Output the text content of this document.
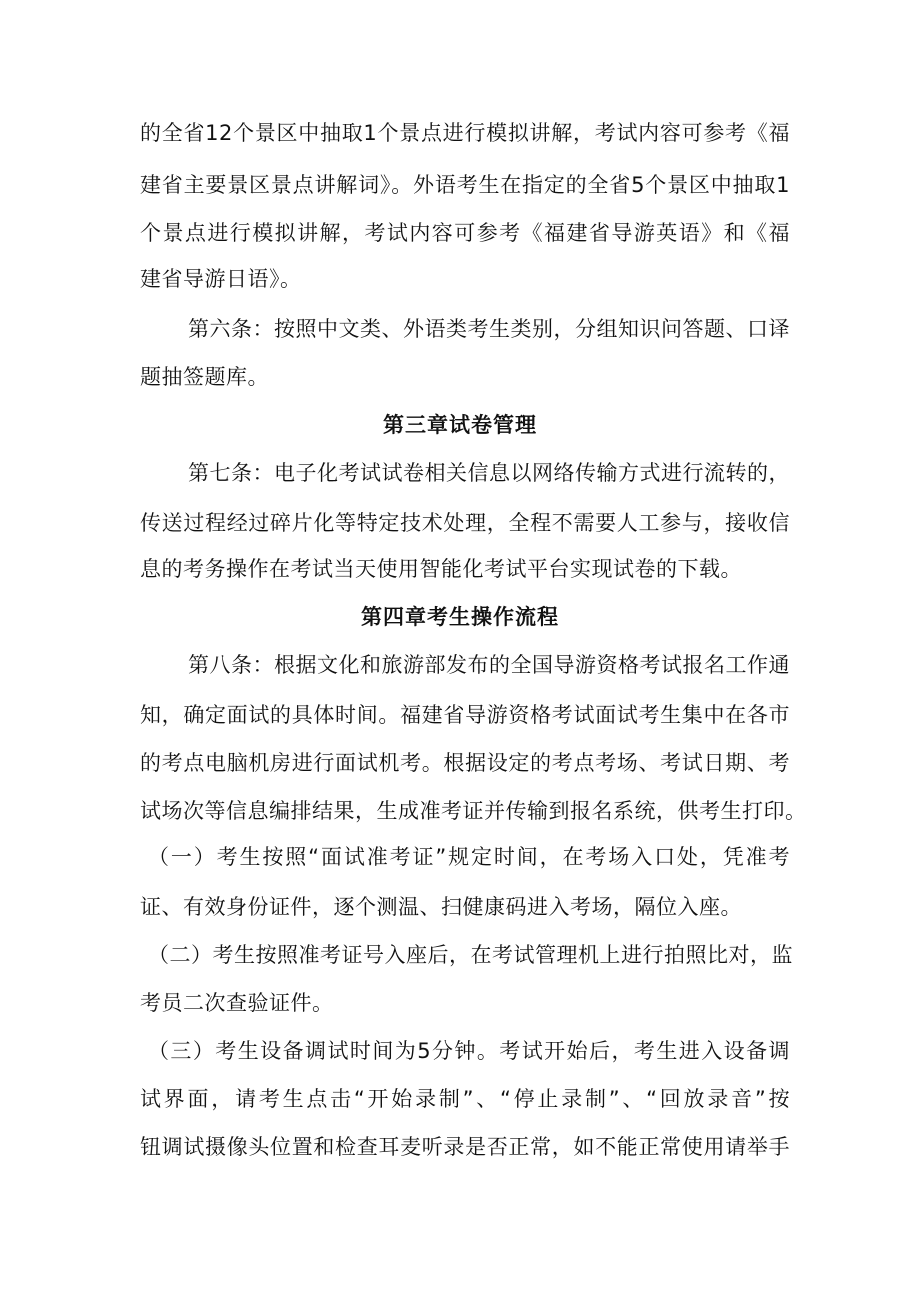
的全省12个景区中抽取1个景点进行模拟讲解，考试内容可参考《福
建省主要景区景点讲解词》。外语考生在指定的全省5个景区中抽取1
个景点进行模拟讲解，考试内容可参考《福建省导游英语》和《福
建省导游日语》。
第六条：按照中文类、外语类考生类别，分组知识问答题、口译
题抽签题库。
第三章试卷管理
第七条：电子化考试试卷相关信息以网络传输方式进行流转的，
传送过程经过碎片化等特定技术处理，全程不需要人工参与，接收信
息的考务操作在考试当天使用智能化考试平台实现试卷的下载。
第四章考生操作流程
第八条：根据文化和旅游部发布的全国导游资格考试报名工作通
知，确定面试的具体时间。福建省导游资格考试面试考生集中在各市
的考点电脑机房进行面试机考。根据设定的考点考场、考试日期、考
试场次等信息编排结果，生成准考证并传输到报名系统，供考生打印。
（一）考生按照“面试准考证”规定时间，在考场入口处，凭准考
证、有效身份证件，逐个测温、扫健康码进入考场，隔位入座。
（二）考生按照准考证号入座后，在考试管理机上进行拍照比对，监
考员二次查验证件。
（三）考生设备调试时间为5分钟。考试开始后，考生进入设备调
试界面，请考生点击“开始录制”、“停止录制”、“回放录音”按
钮调试摄像头位置和检查耳麦听录是否正常，如不能正常使用请举手
